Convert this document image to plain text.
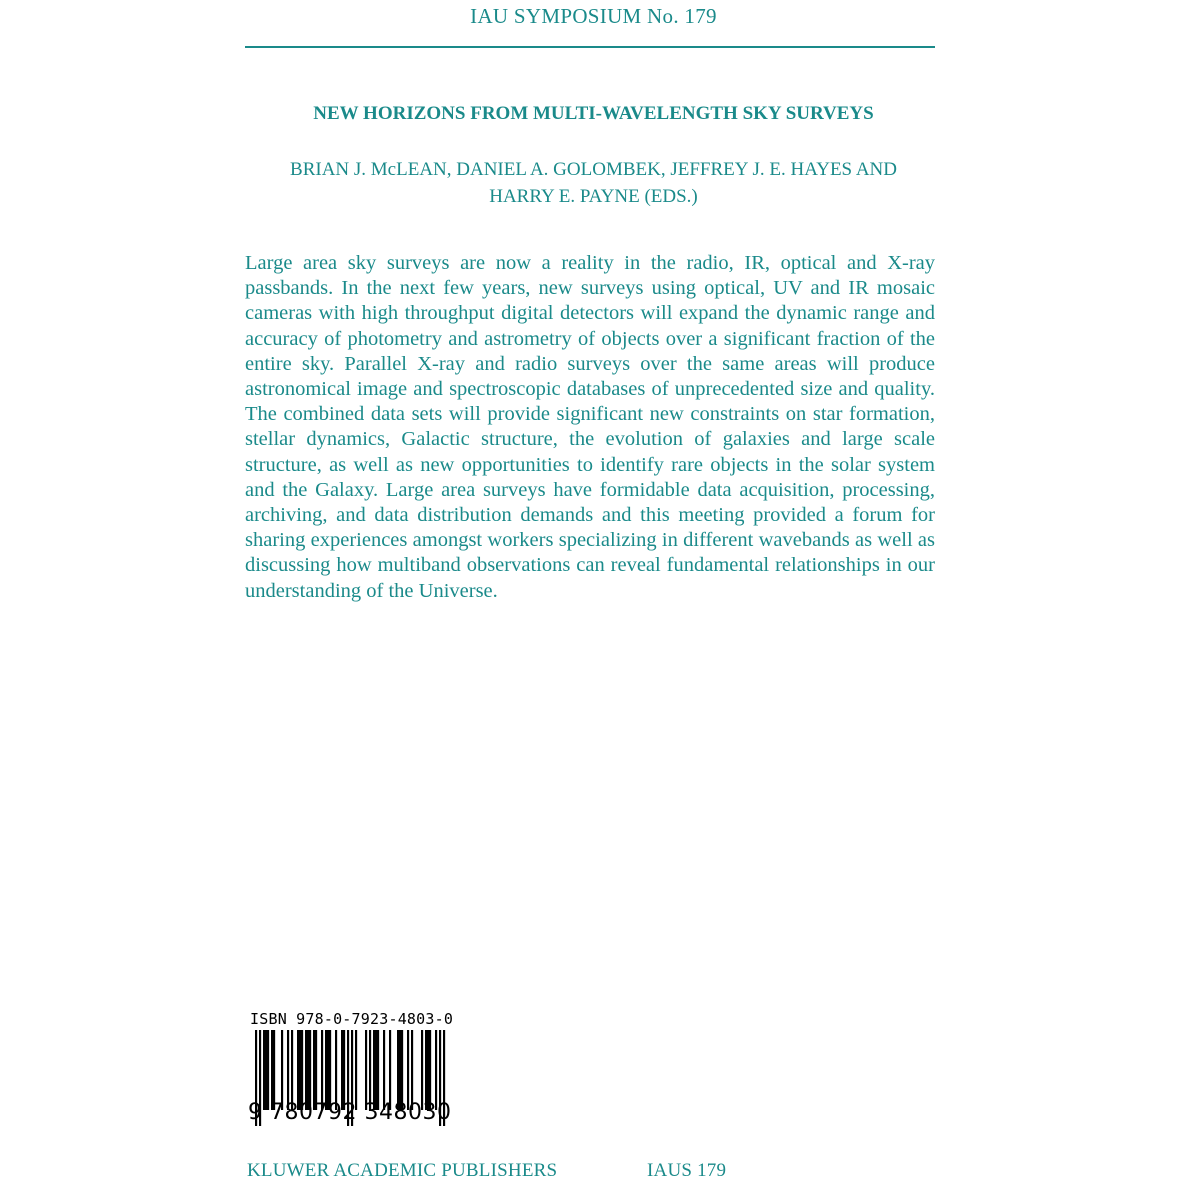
IAU SYMPOSIUM No. 179
NEW HORIZONS FROM MULTI-WAVELENGTH SKY SURVEYS
BRIAN J. McLEAN, DANIEL A. GOLOMBEK, JEFFREY J. E. HAYES AND
HARRY E. PAYNE (EDS.)

Large area sky surveys are now a reality in the radio, IR, optical and X-ray passbands. In the next few years, new surveys using optical, UV and IR mosaic cameras with high throughput digital detectors will expand the dynamic range and accuracy of photometry and astrometry of objects over a significant fraction of the entire sky. Parallel X-ray and radio surveys over the same areas will produce astronomical image and spectroscopic databases of unprecedented size and quality. The combined data sets will provide significant new constraints on star formation, stellar dynamics, Galactic structure, the evolution of galaxies and large scale structure, as well as new opportunities to identify rare objects in the solar system and the Galaxy. Large area surveys have formidable data acquisition, processing, archiving, and data distribution demands and this meeting provided a forum for sharing experiences amongst workers specializing in different wavebands as well as discussing how multiband observations can reveal fundamental relationships in our understanding of the Universe.

ISBN 978-0-7923-4803-0
9 780792 348030
KLUWER ACADEMIC PUBLISHERS	IAUS 179
